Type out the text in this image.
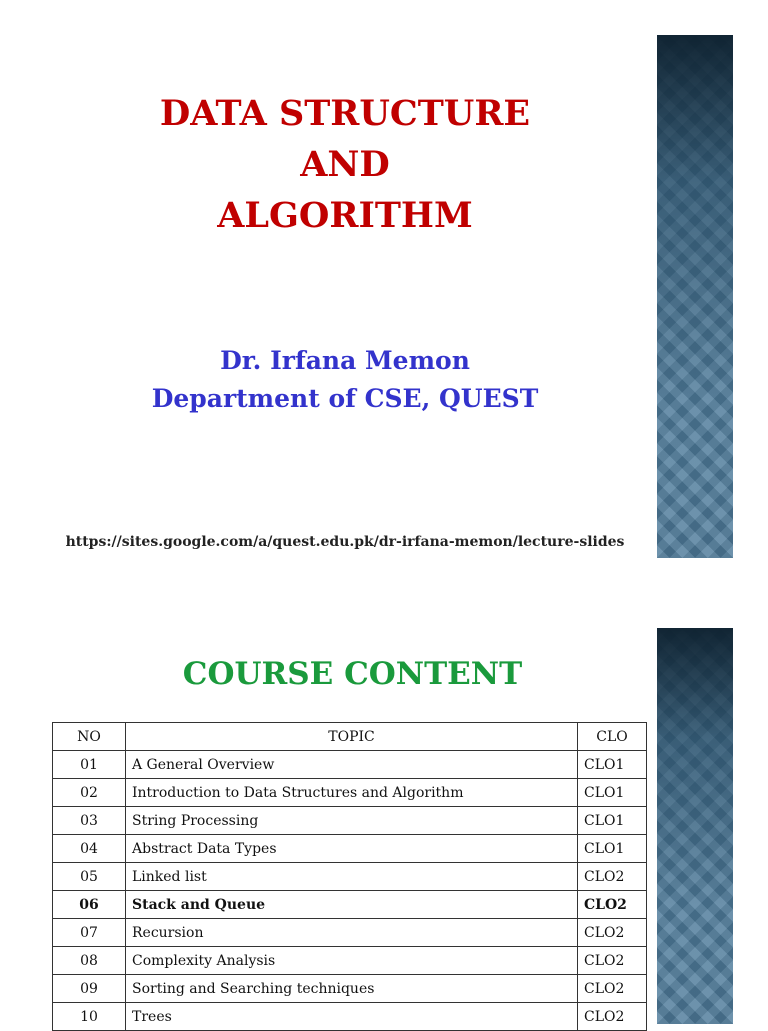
DATA STRUCTURE
AND
ALGORITHM
Dr. Irfana Memon
Department of CSE, QUEST

https://sites.google.com/a/quest.edu.pk/dr-irfana-memon/lecture-slides

COURSE CONTENT
NO	TOPIC	CLO
01	A General Overview	CLO1
02	Introduction to Data Structures and Algorithm	CLO1
03	String Processing	CLO1
04	Abstract Data Types	CLO1
05	Linked list	CLO2
06	Stack and Queue	CLO2
07	Recursion	CLO2
08	Complexity Analysis	CLO2
09	Sorting and Searching techniques	CLO2
10	Trees	CLO2
